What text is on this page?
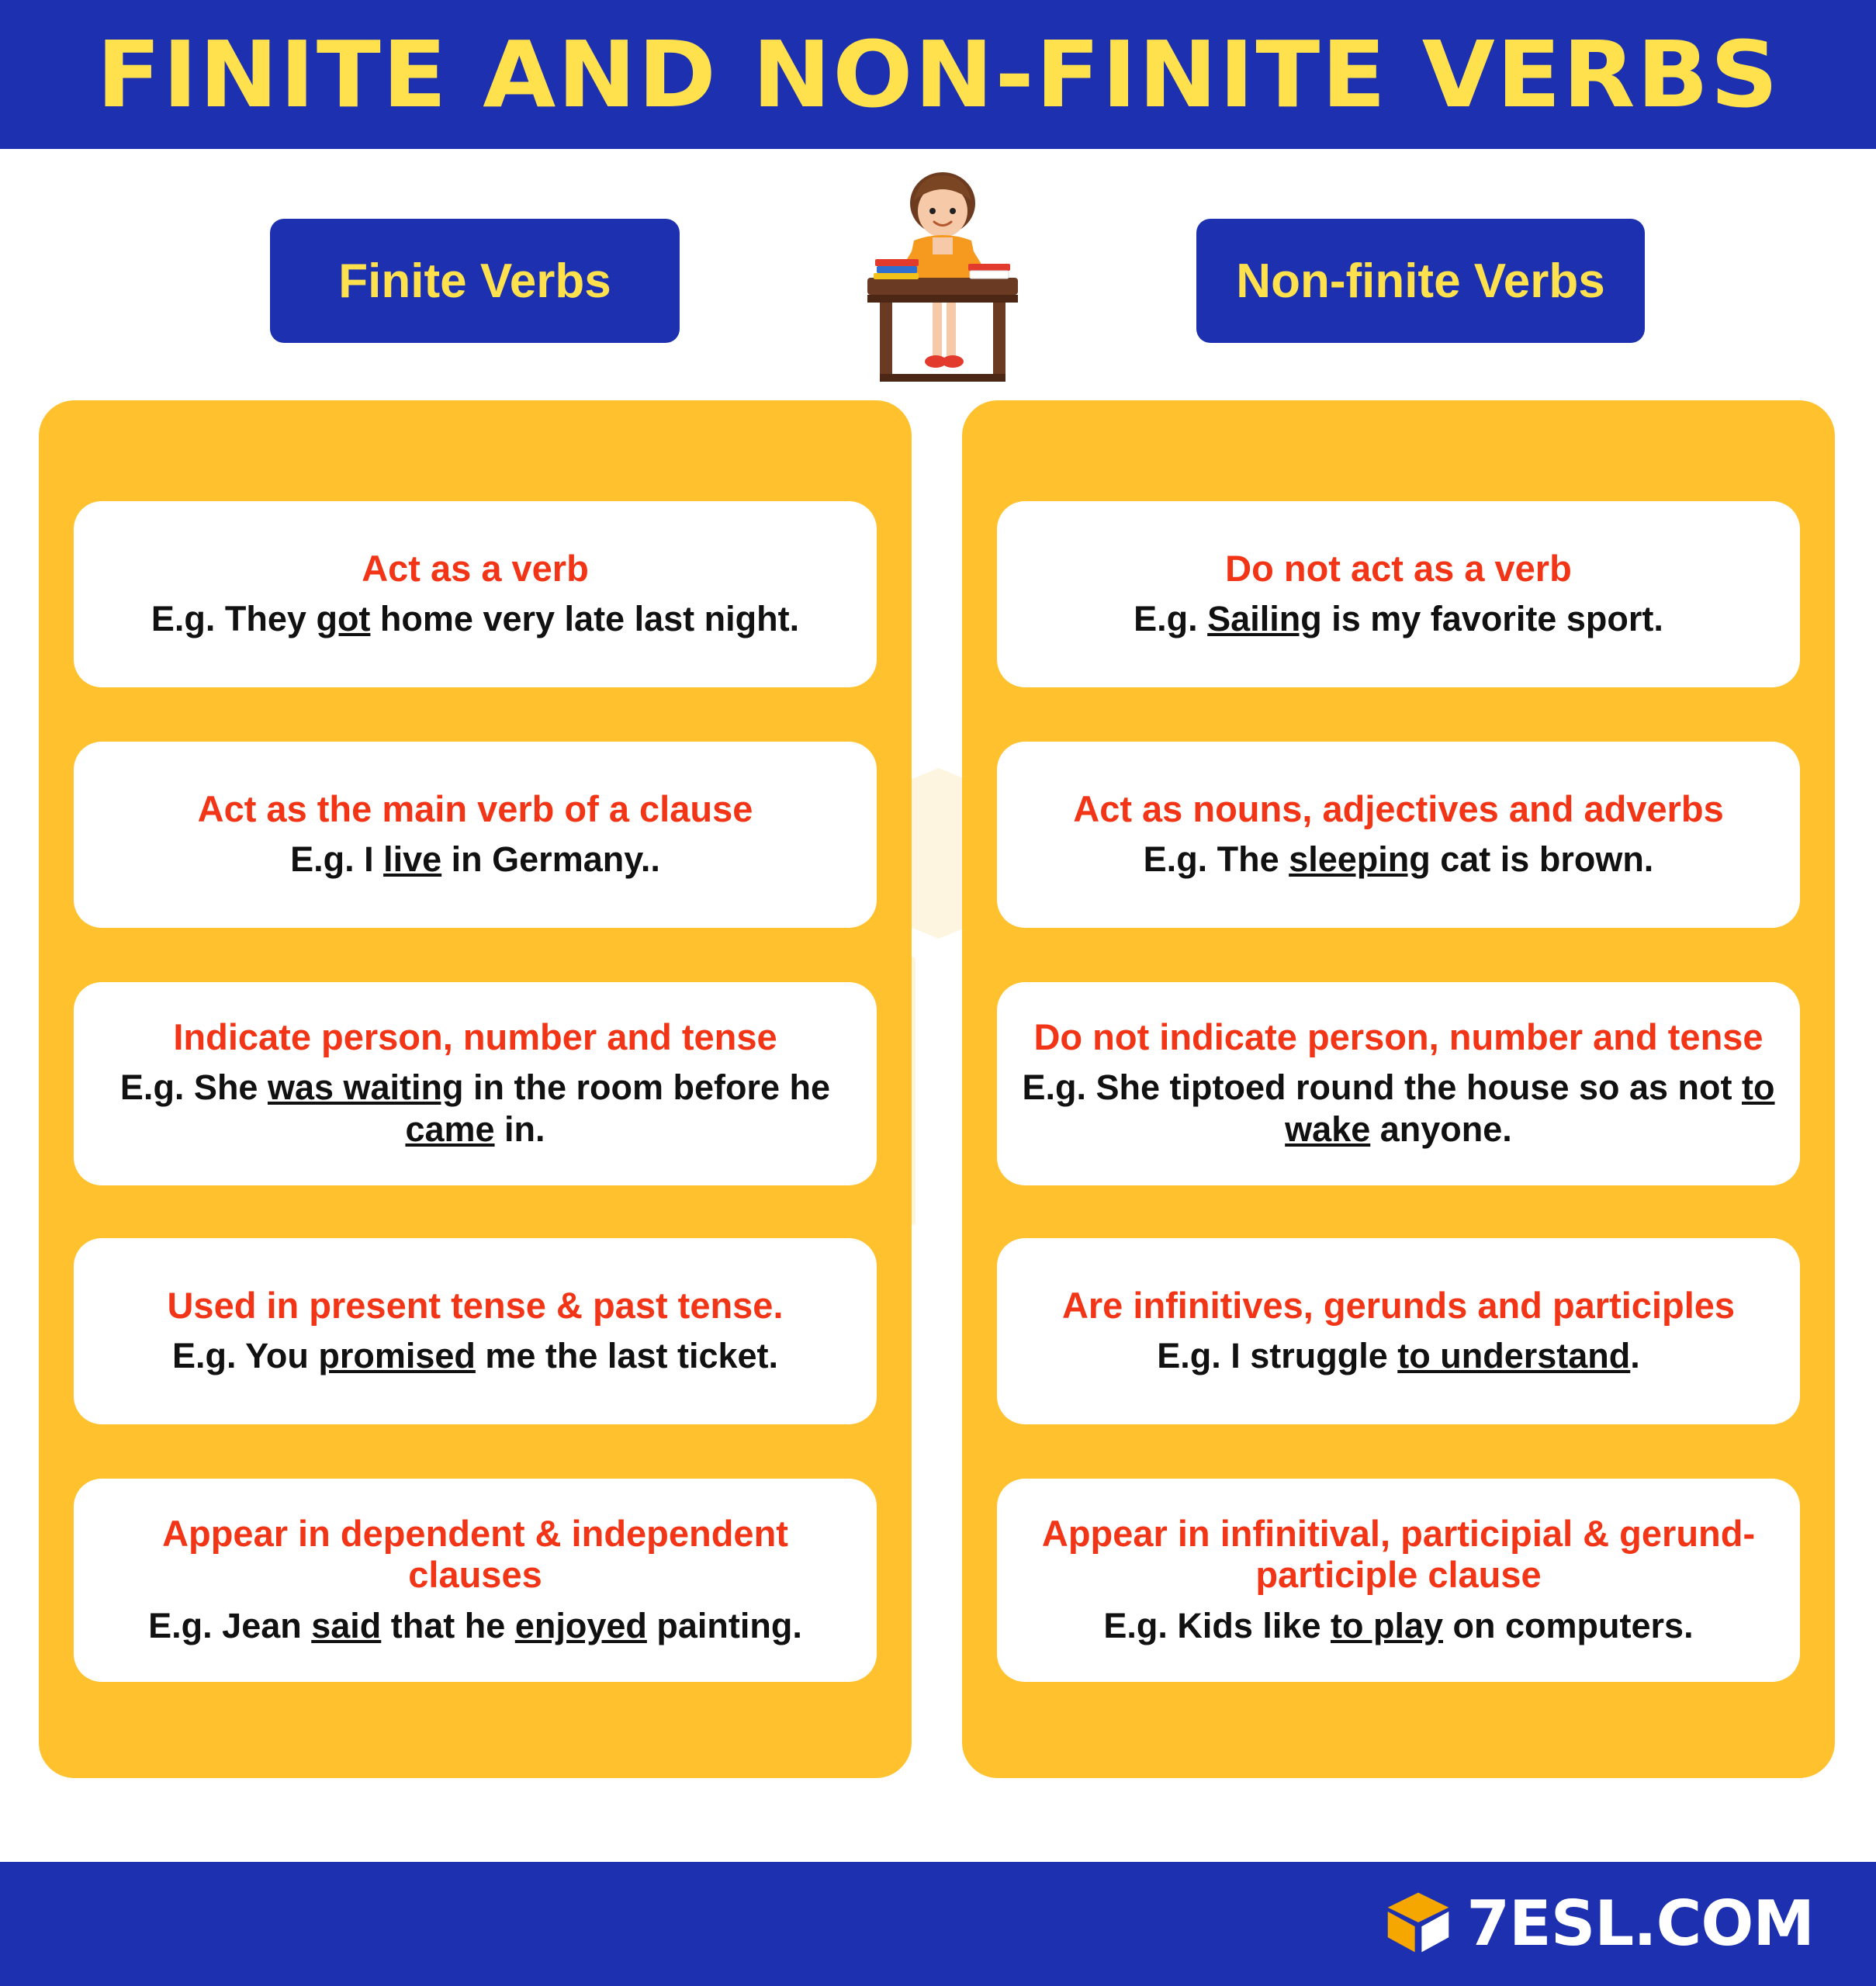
FINITE AND NON-FINITE VERBS
Finite Verbs	Non-finite Verbs
Act as a verb
E.g. They got home very late last night.
Act as the main verb of a clause
E.g. I live in Germany..
Indicate person, number and tense
E.g. She was waiting in the room before he came in.
Used in present tense & past tense.
E.g. You promised me the last ticket.
Appear in dependent & independent clauses
E.g. Jean said that he enjoyed painting.
Do not act as a verb
E.g. Sailing is my favorite sport.
Act as nouns, adjectives and adverbs
E.g. The sleeping cat is brown.
Do not indicate person, number and tense
E.g. She tiptoed round the house so as not to wake anyone.
Are infinitives, gerunds and participles
E.g. I struggle to understand.
Appear in infinitival, participial & gerund-participle clause
E.g. Kids like to play on computers.
7ESL.COM
